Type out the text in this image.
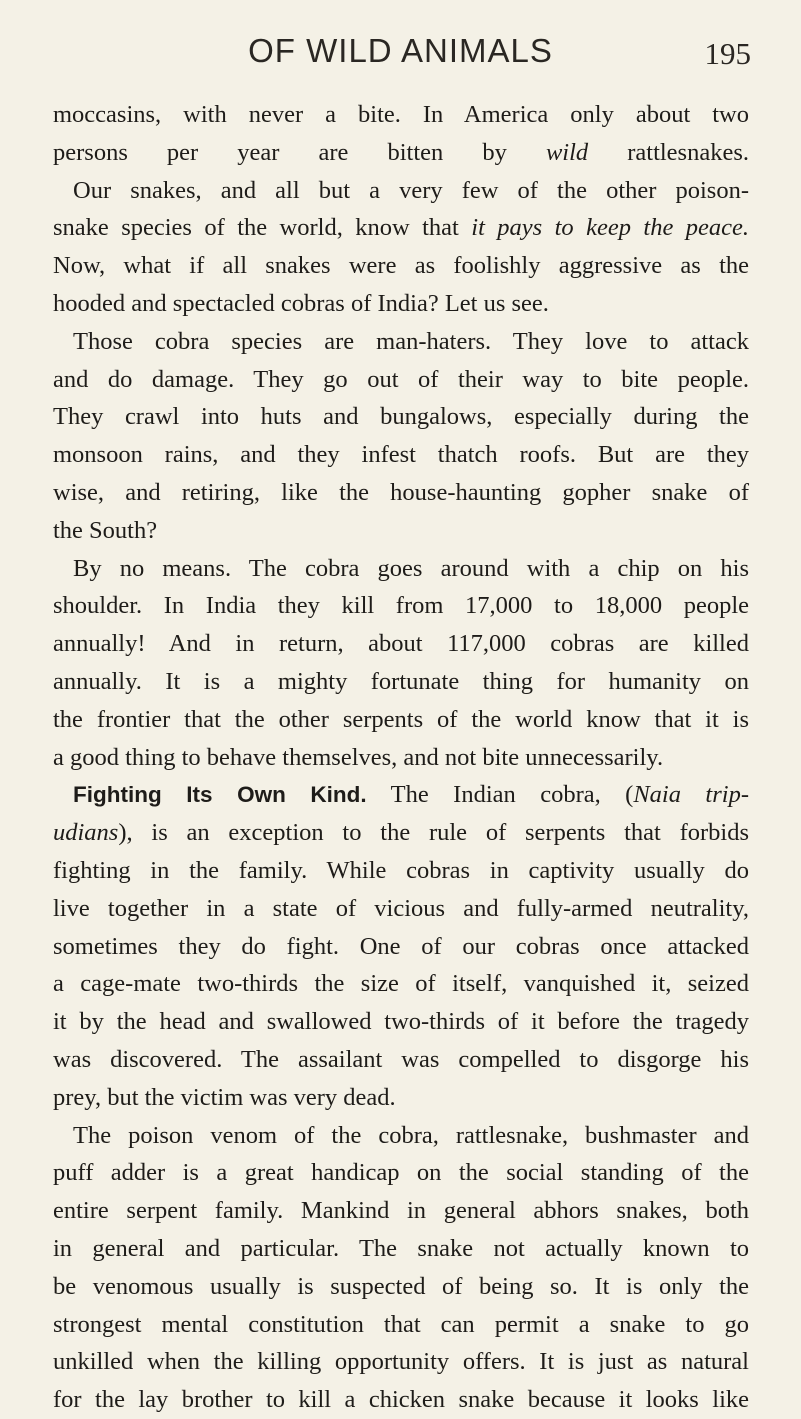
OF WILD ANIMALS	195
moccasins, with never a bite. In America only about two
persons per year are bitten by wild rattlesnakes.
Our snakes, and all but a very few of the other poison-
snake species of the world, know that it pays to keep the peace.
Now, what if all snakes were as foolishly aggressive as the
hooded and spectacled cobras of India? Let us see.
Those cobra species are man-haters. They love to attack
and do damage. They go out of their way to bite people.
They crawl into huts and bungalows, especially during the
monsoon rains, and they infest thatch roofs. But are they
wise, and retiring, like the house-haunting gopher snake of
the South?
By no means. The cobra goes around with a chip on his
shoulder. In India they kill from 17,000 to 18,000 people
annually! And in return, about 117,000 cobras are killed
annually. It is a mighty fortunate thing for humanity on
the frontier that the other serpents of the world know that it is
a good thing to behave themselves, and not bite unnecessarily.
Fighting Its Own Kind. The Indian cobra, (Naia trip-
udians), is an exception to the rule of serpents that forbids
fighting in the family. While cobras in captivity usually do
live together in a state of vicious and fully-armed neutrality,
sometimes they do fight. One of our cobras once attacked
a cage-mate two-thirds the size of itself, vanquished it, seized
it by the head and swallowed two-thirds of it before the tragedy
was discovered. The assailant was compelled to disgorge his
prey, but the victim was very dead.
The poison venom of the cobra, rattlesnake, bushmaster and
puff adder is a great handicap on the social standing of the
entire serpent family. Mankind in general abhors snakes, both
in general and particular. The snake not actually known to
be venomous usually is suspected of being so. It is only the
strongest mental constitution that can permit a snake to go
unkilled when the killing opportunity offers. It is just as natural
for the lay brother to kill a chicken snake because it looks like
